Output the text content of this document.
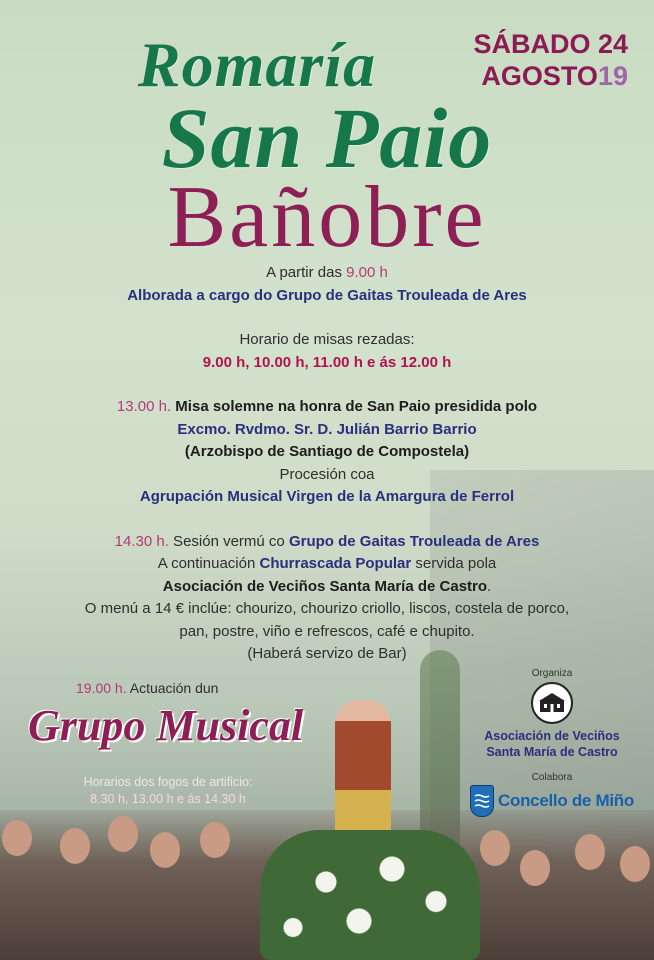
SÁBADO 24
AGOSTO19
Romaría
San Paio
Bañobre

A partir das 9.00 h

Alborada a cargo do Grupo de Gaitas Trouleada de Ares

Horario de misas rezadas:

9.00 h, 10.00 h, 11.00 h e ás 12.00 h

13.00 h. Misa solemne na honra de San Paio presidida polo

Excmo. Rvdmo. Sr. D. Julián Barrio Barrio

(Arzobispo de Santiago de Compostela)

Procesión coa

Agrupación Musical Virgen de la Amargura de Ferrol

14.30 h. Sesión vermú co Grupo de Gaitas Trouleada de Ares

A continuación Churrascada Popular servida pola

Asociación de Veciños Santa María de Castro.

O menú a 14 € inclúe: chourizo, chourizo criollo, liscos, costela de porco,

pan, postre, viño e refrescos, café e chupito.

(Haberá servizo de Bar)

19.00 h. Actuación dun
Grupo Musical
Horarios dos fogos de artificio:
8.30 h, 13.00 h e ás 14.30 h
Organiza
Asociación de Veciños
Santa María de Castro
Colabora
Concello de Miño
